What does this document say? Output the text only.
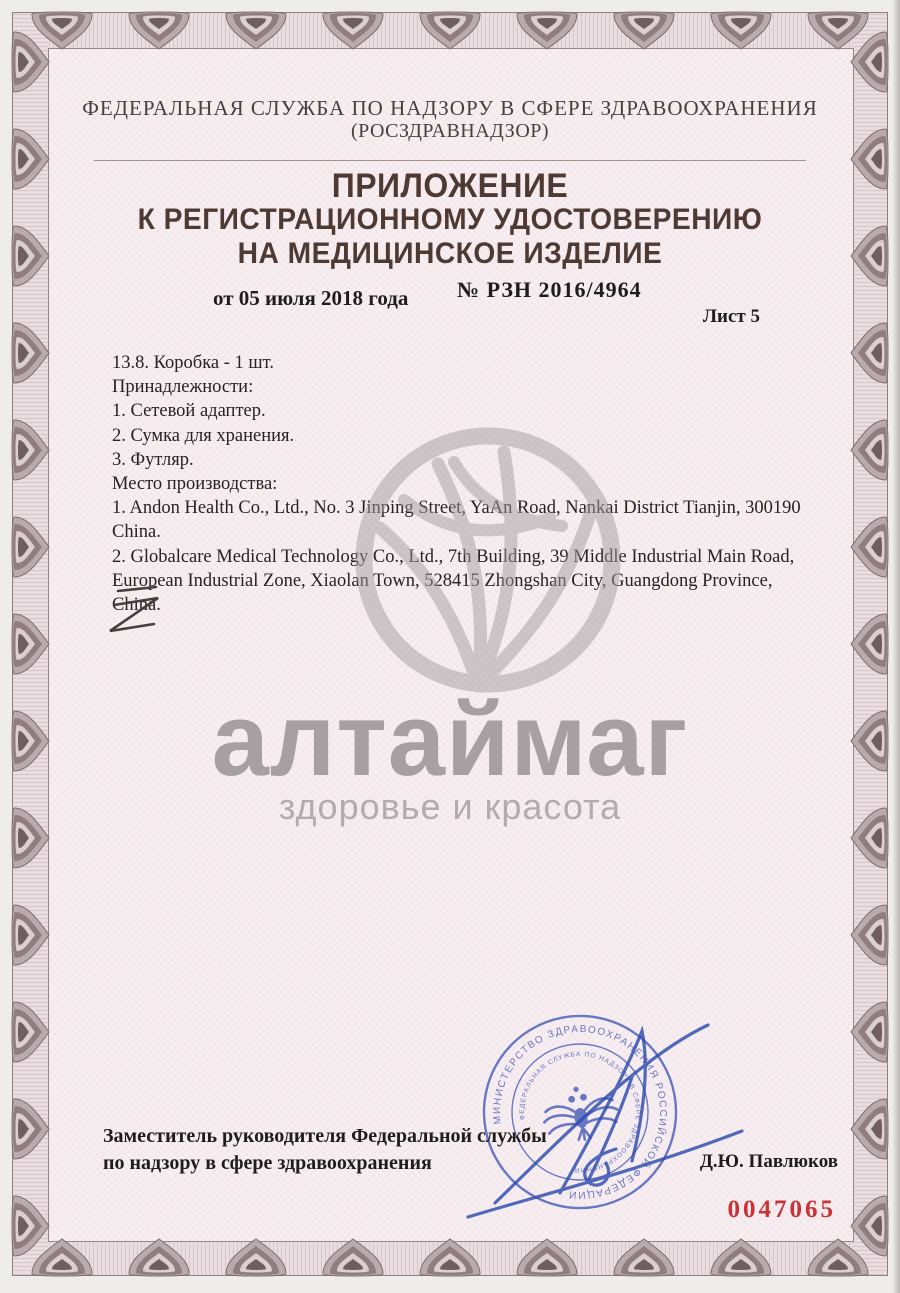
ФЕДЕРАЛЬНАЯ СЛУЖБА ПО НАДЗОРУ В СФЕРЕ ЗДРАВООХРАНЕНИЯ
(РОСЗДРАВНАДЗОР)
ПРИЛОЖЕНИЕ
К РЕГИСТРАЦИОННОМУ УДОСТОВЕРЕНИЮ
НА МЕДИЦИНСКОЕ ИЗДЕЛИЕ
от 05 июля 2018 года № РЗН 2016/4964
Лист 5
13.8. Коробка - 1 шт.
Принадлежности:
1. Сетевой адаптер.
2. Сумка для хранения.
3. Футляр.
Место производства:
1. Andon Health Co., Ltd., No. 3 Jinping Street, YaAn Road, Nankai District Tianjin, 300190
China.
2. Globalcare Medical Technology Co., Ltd., 7th Building, 39 Middle Industrial Main Road,
European Industrial Zone, Xiaolan Town, 528415 Zhongshan City, Guangdong Province,
China.
алтаймаг
здоровье и красота
МИНИСТЕРСТВО ЗДРАВООХРАНЕНИЯ РОССИЙСКОЙ ФЕДЕРАЦИИ
ФЕДЕРАЛЬНАЯ СЛУЖБА ПО НАДЗОРУ В СФЕРЕ ЗДРАВООХРАНЕНИЯ
Заместитель руководителя Федеральной службы
по надзору в сфере здравоохранения	Д.Ю. Павлюков
0047065
